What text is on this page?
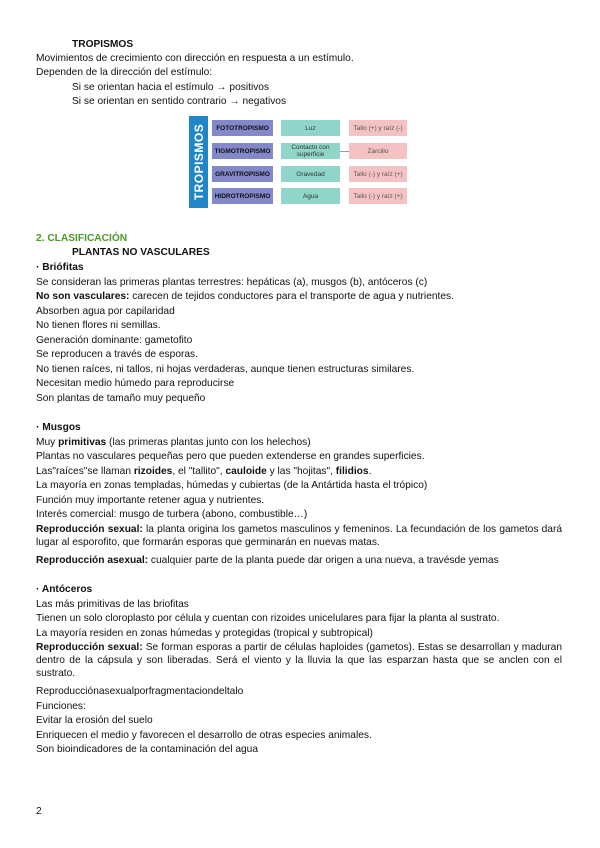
TROPISMOS
Movimientos de crecimiento con dirección en respuesta a un estímulo.
Dependen de la dirección del estímulo:
Si se orientan hacia el estímulo → positivos
Si se orientan en sentido contrario → negativos
TROPISMOS	FOTOTROPISMO	Luz	Tallo (+) y raíz (-)
TIGMOTROPISMO	Contacto con superficie	Zarcillo
GRAVITROPISMO	Gravedad	Tallo (-) y raíz (+)
HIDROTROPISMO	Agua	Tallo (-) y raíz (+)
2. CLASIFICACIÓN
PLANTAS NO VASCULARES
· Briófitas
Se consideran las primeras plantas terrestres: hepáticas (a), musgos (b), antóceros (c)
No son vasculares: carecen de tejidos conductores para el transporte de agua y nutrientes.
Absorben agua por capilaridad
No tienen flores ni semillas.
Generación dominante: gametofito
Se reproducen a través de esporas.
No tienen raíces, ni tallos, ni hojas verdaderas, aunque tienen estructuras similares.
Necesitan medio húmedo para reproducirse
Son plantas de tamaño muy pequeño
· Musgos
Muy primitivas (las primeras plantas junto con los helechos)
Plantas no vasculares pequeñas pero que pueden extenderse en grandes superficies.
Las"raíces"se llaman rizoides, el "tallito", cauloide y las "hojitas", filidios.
La mayoría en zonas templadas, húmedas y cubiertas (de la Antártida hasta el trópico)
Función muy importante retener agua y nutrientes.
Interés comercial: musgo de turbera (abono, combustible…)
Reproducción sexual: la planta origina los gametos masculinos y femeninos. La fecundación de los gametos dará lugar al esporofito, que formarán esporas que germinarán en nuevas matas.
Reproducción asexual: cualquier parte de la planta puede dar origen a una nueva, a travésde yemas
· Antóceros
Las más primitivas de las briofitas
Tienen un solo cloroplasto por célula y cuentan con rizoides unicelulares para fijar la planta al sustrato.
La mayoría residen en zonas húmedas y protegidas (tropical y subtropical)
Reproducción sexual: Se forman esporas a partir de células haploides (gametos). Estas se desarrollan y maduran dentro de la cápsula y son liberadas. Será el viento y la lluvia la que las esparzan hasta que se anclen con el sustrato.
Reproducciónasexualporfragmentaciondeltalo
Funciones:
Evitar la erosión del suelo
Enriquecen el medio y favorecen el desarrollo de otras especies animales.
Son bioindicadores de la contaminación del agua
2
